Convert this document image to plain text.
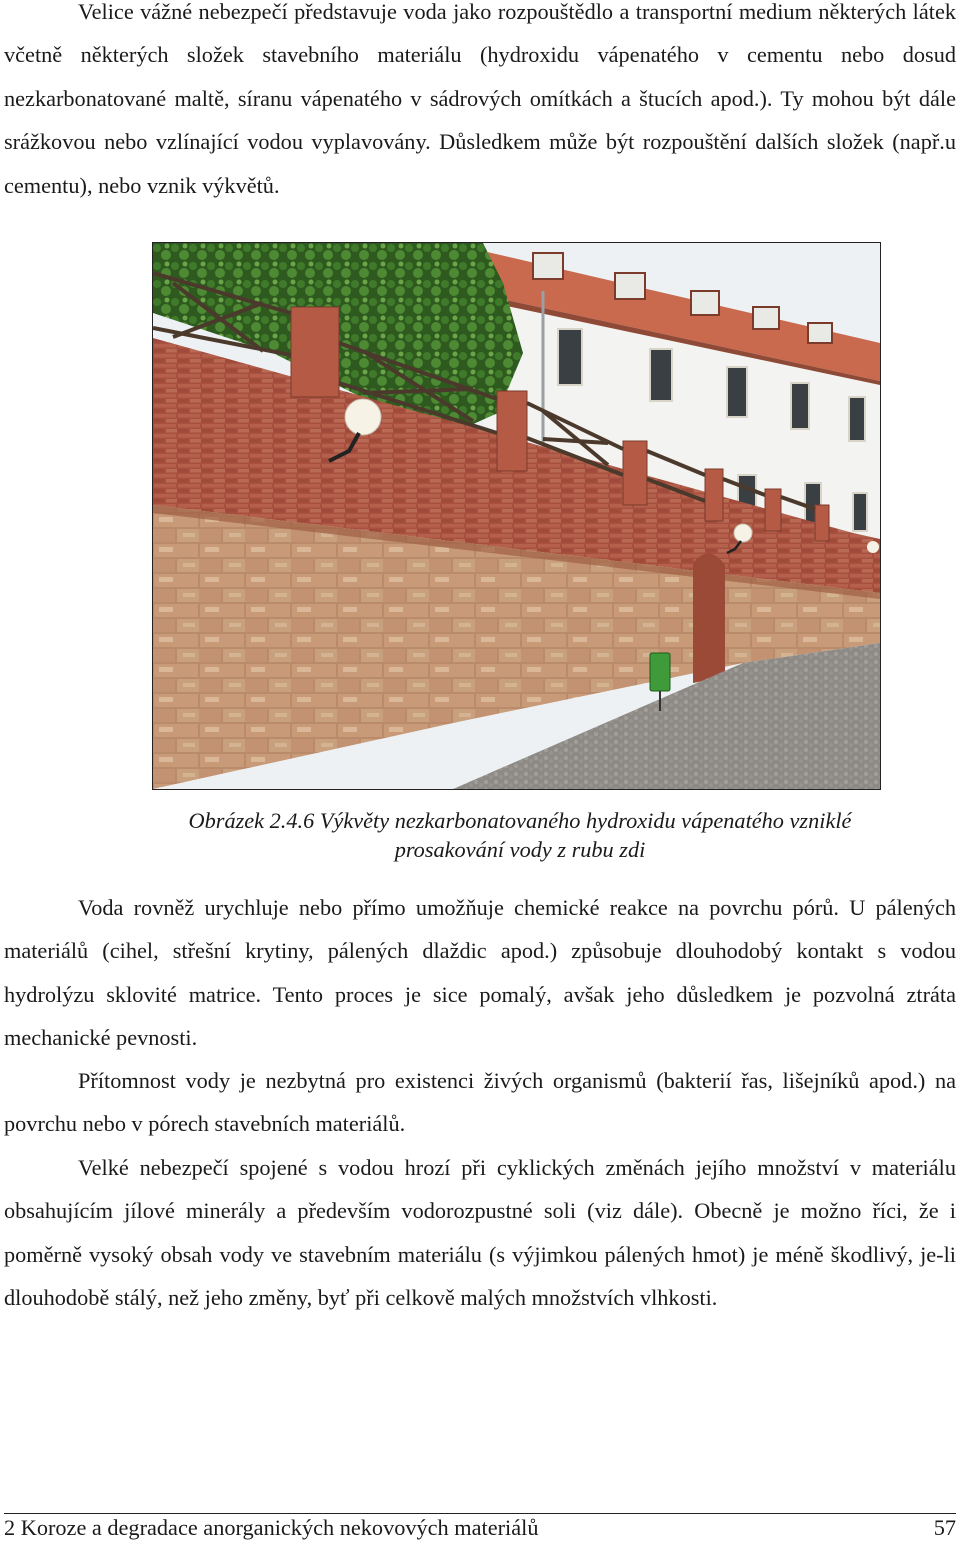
Velice vážné nebezpečí představuje voda jako rozpouštědlo a transportní medium některých látek včetně některých složek stavebního materiálu (hydroxidu vápenatého v cementu nebo dosud nezkarbonatované maltě, síranu vápenatého v sádrových omítkách a štucích apod.). Ty mohou být dále srážkovou nebo vzlínající vodou vyplavovány. Důsledkem může být rozpouštění dalších složek (např.u cementu), nebo vznik výkvětů.

Obrázek 2.4.6 Výkvěty nezkarbonatovaného hydroxidu vápenatého vzniklé
prosakování vody z rubu zdi

Voda rovněž urychluje nebo přímo umožňuje chemické reakce na povrchu pórů. U pálených materiálů (cihel, střešní krytiny, pálených dlaždic apod.) způsobuje dlouhodobý kontakt s vodou hydrolýzu sklovité matrice. Tento proces je sice pomalý, avšak jeho důsledkem je pozvolná ztráta mechanické pevnosti.

Přítomnost vody je nezbytná pro existenci živých organismů (bakterií řas, lišejníků apod.) na povrchu nebo v pórech stavebních materiálů.

Velké nebezpečí spojené s vodou hrozí při cyklických změnách jejího množství v materiálu obsahujícím jílové minerály a především vodorozpustné soli (viz dále). Obecně je možno říci, že i poměrně vysoký obsah vody ve stavebním materiálu (s výjimkou pálených hmot) je méně škodlivý, je-li dlouhodobě stálý, než jeho změny, byť při celkově malých množstvích vlhkosti.

2 Koroze a degradace anorganických nekovových materiálů	57
